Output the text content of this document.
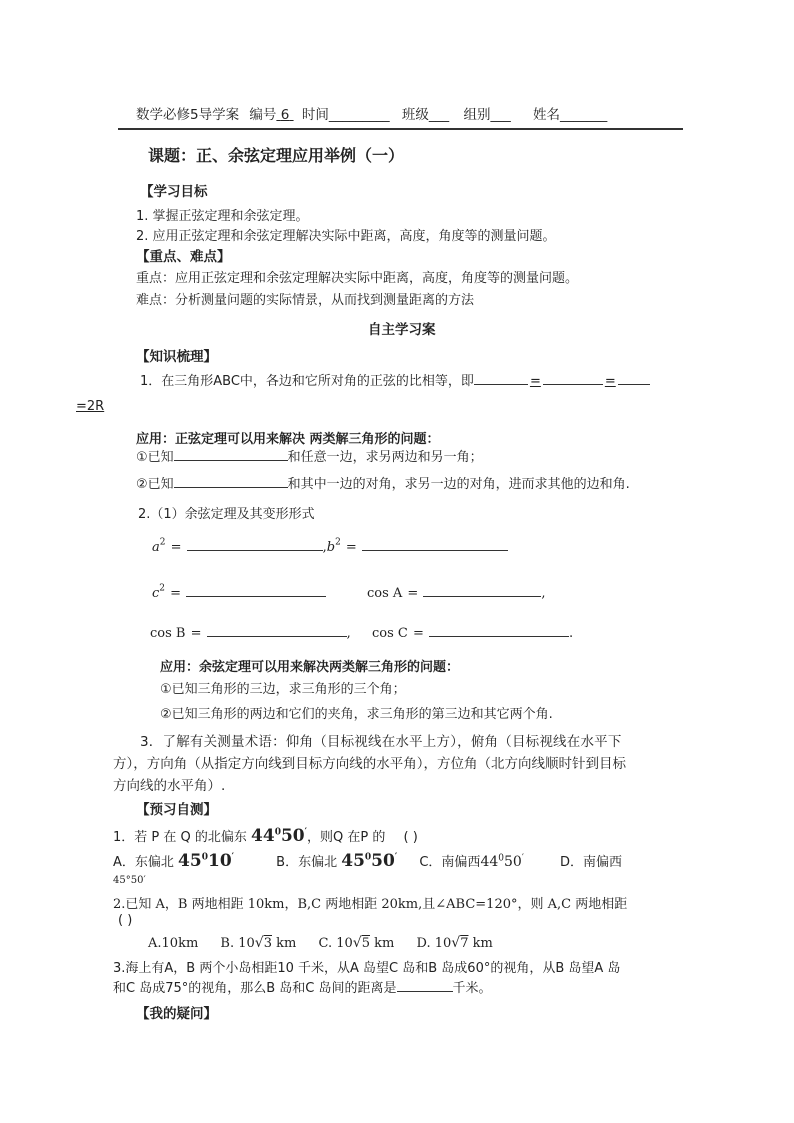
数学必修5导学案 编号 6 时间_________ 班级___ 组别___ 姓名_______
课题：正、余弦定理应用举例（一）
【学习目标
1. 掌握正弦定理和余弦定理。
2. 应用正弦定理和余弦定理解决实际中距离，高度，角度等的测量问题。
【重点、难点】
重点：应用正弦定理和余弦定理解决实际中距离，高度，角度等的测量问题。
难点：分析测量问题的实际情景，从而找到测量距离的方法
自主学习案
【知识梳理】
1．在三角形ABC中，各边和它所对角的正弦的比相等，即	=	=
=2R
应用：正弦定理可以用来解决 两类解三角形的问题：
①已知	和任意一边，求另两边和另一角；
②已知	和其中一边的对角，求另一边的对角，进而求其他的边和角.
2.（1）余弦定理及其变形形式
$a^2$ =	$,b^2$ =
$c^2$ =	cos A =	,
cos B =	, cos C =	.
应用：余弦定理可以用来解决两类解三角形的问题：
①已知三角形的三边，求三角形的三个角；
②已知三角形的两边和它们的夹角，求三角形的第三边和其它两个角.
3．了解有关测量术语：仰角（目标视线在水平上方），俯角（目标视线在水平下
方），方向角（从指定方向线到目标方向线的水平角），方位角（北方向线顺时针到目标
方向线的水平角）.
【预习自测】
1．若 P 在 Q 的北偏东 $44^050'$，则Q 在P 的 ( )
A．东偏北 $45^010'$	B．东偏北 $45^050'$ C．南偏西$44^050'$	D．南偏西
45°50′
2.已知 A，B 两地相距 10km，B,C 两地相距 20km,且∠ABC=120°，则 A,C 两地相距
( )
A.10km B. 10√3 km C. 10√5 km D. 10√7 km
3.海上有A，B 两个小岛相距10 千米，从A 岛望C 岛和B 岛成60°的视角，从B 岛望A 岛
和C 岛成75°的视角，那么B 岛和C 岛间的距离是	千米。
【我的疑问】
